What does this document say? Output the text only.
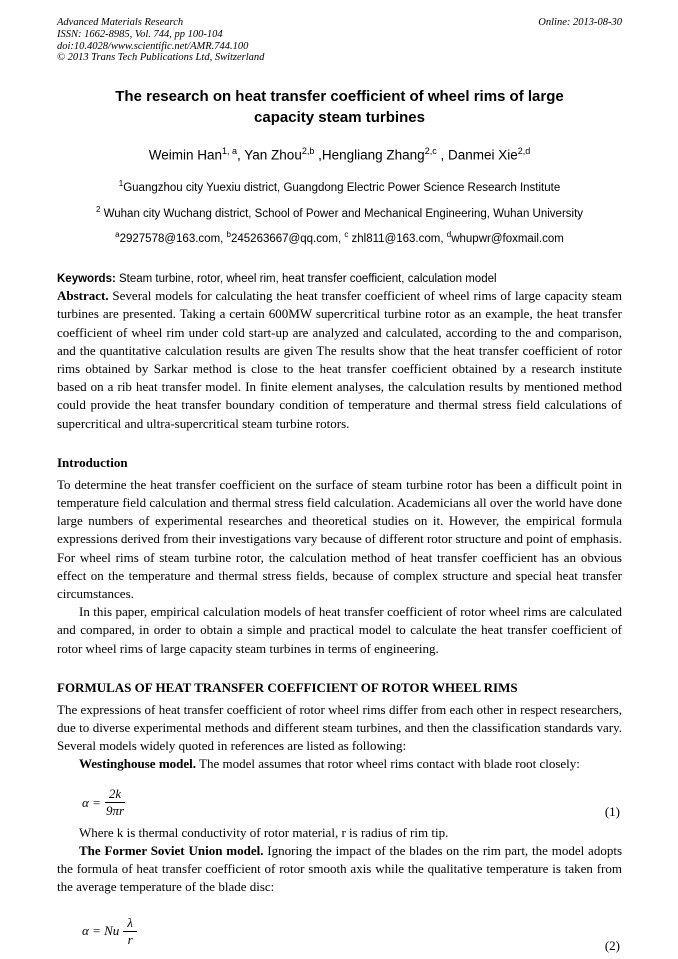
Advanced Materials Research
ISSN: 1662-8985, Vol. 744, pp 100-104
doi:10.4028/www.scientific.net/AMR.744.100
© 2013 Trans Tech Publications Ltd, Switzerland
Online: 2013-08-30
The research on heat transfer coefficient of wheel rims of large capacity steam turbines
Weimin Han$^{1, a}$, Yan Zhou$^{2,b}$ ,Hengliang Zhang$^{2,c}$ , Danmei Xie$^{2,d}$
$^1$Guangzhou city Yuexiu district, Guangdong Electric Power Science Research Institute
$^2$ Wuhan city Wuchang district, School of Power and Mechanical Engineering, Wuhan University
$^a$2927578@163.com, $^b$245263667@qq.com, $^c$ zhl811@163.com, $^d$whupwr@foxmail.com
Keywords: Steam turbine, rotor, wheel rim, heat transfer coefficient, calculation model

Abstract. Several models for calculating the heat transfer coefficient of wheel rims of large capacity steam turbines are presented. Taking a certain 600MW supercritical turbine rotor as an example, the heat transfer coefficient of wheel rim under cold start-up are analyzed and calculated, according to the and comparison, and the quantitative calculation results are given The results show that the heat transfer coefficient of rotor rims obtained by Sarkar method is close to the heat transfer coefficient obtained by a research institute based on a rib heat transfer model. In finite element analyses, the calculation results by mentioned method could provide the heat transfer boundary condition of temperature and thermal stress field calculations of supercritical and ultra-supercritical steam turbine rotors.

Introduction

To determine the heat transfer coefficient on the surface of steam turbine rotor has been a difficult point in temperature field calculation and thermal stress field calculation. Academicians all over the world have done large numbers of experimental researches and theoretical studies on it. However, the empirical formula expressions derived from their investigations vary because of different rotor structure and point of emphasis. For wheel rims of steam turbine rotor, the calculation method of heat transfer coefficient has an obvious effect on the temperature and thermal stress fields, because of complex structure and special heat transfer circumstances.

In this paper, empirical calculation models of heat transfer coefficient of rotor wheel rims are calculated and compared, in order to obtain a simple and practical model to calculate the heat transfer coefficient of rotor wheel rims of large capacity steam turbines in terms of engineering.

FORMULAS OF HEAT TRANSFER COEFFICIENT OF ROTOR WHEEL RIMS

The expressions of heat transfer coefficient of rotor wheel rims differ from each other in respect researchers, due to diverse experimental methods and different steam turbines, and then the classification standards vary. Several models widely quoted in references are listed as following:

Westinghouse model. The model assumes that rotor wheel rims contact with blade root closely:

$\alpha = \frac{2k}{9\pi r}$	(1)

Where k is thermal conductivity of rotor material, r is radius of rim tip.

The Former Soviet Union model. Ignoring the impact of the blades on the rim part, the model adopts the formula of heat transfer coefficient of rotor smooth axis while the qualitative temperature is taken from the average temperature of the blade disc:

α = Nu $\frac{\lambda}{r}$	(2)
